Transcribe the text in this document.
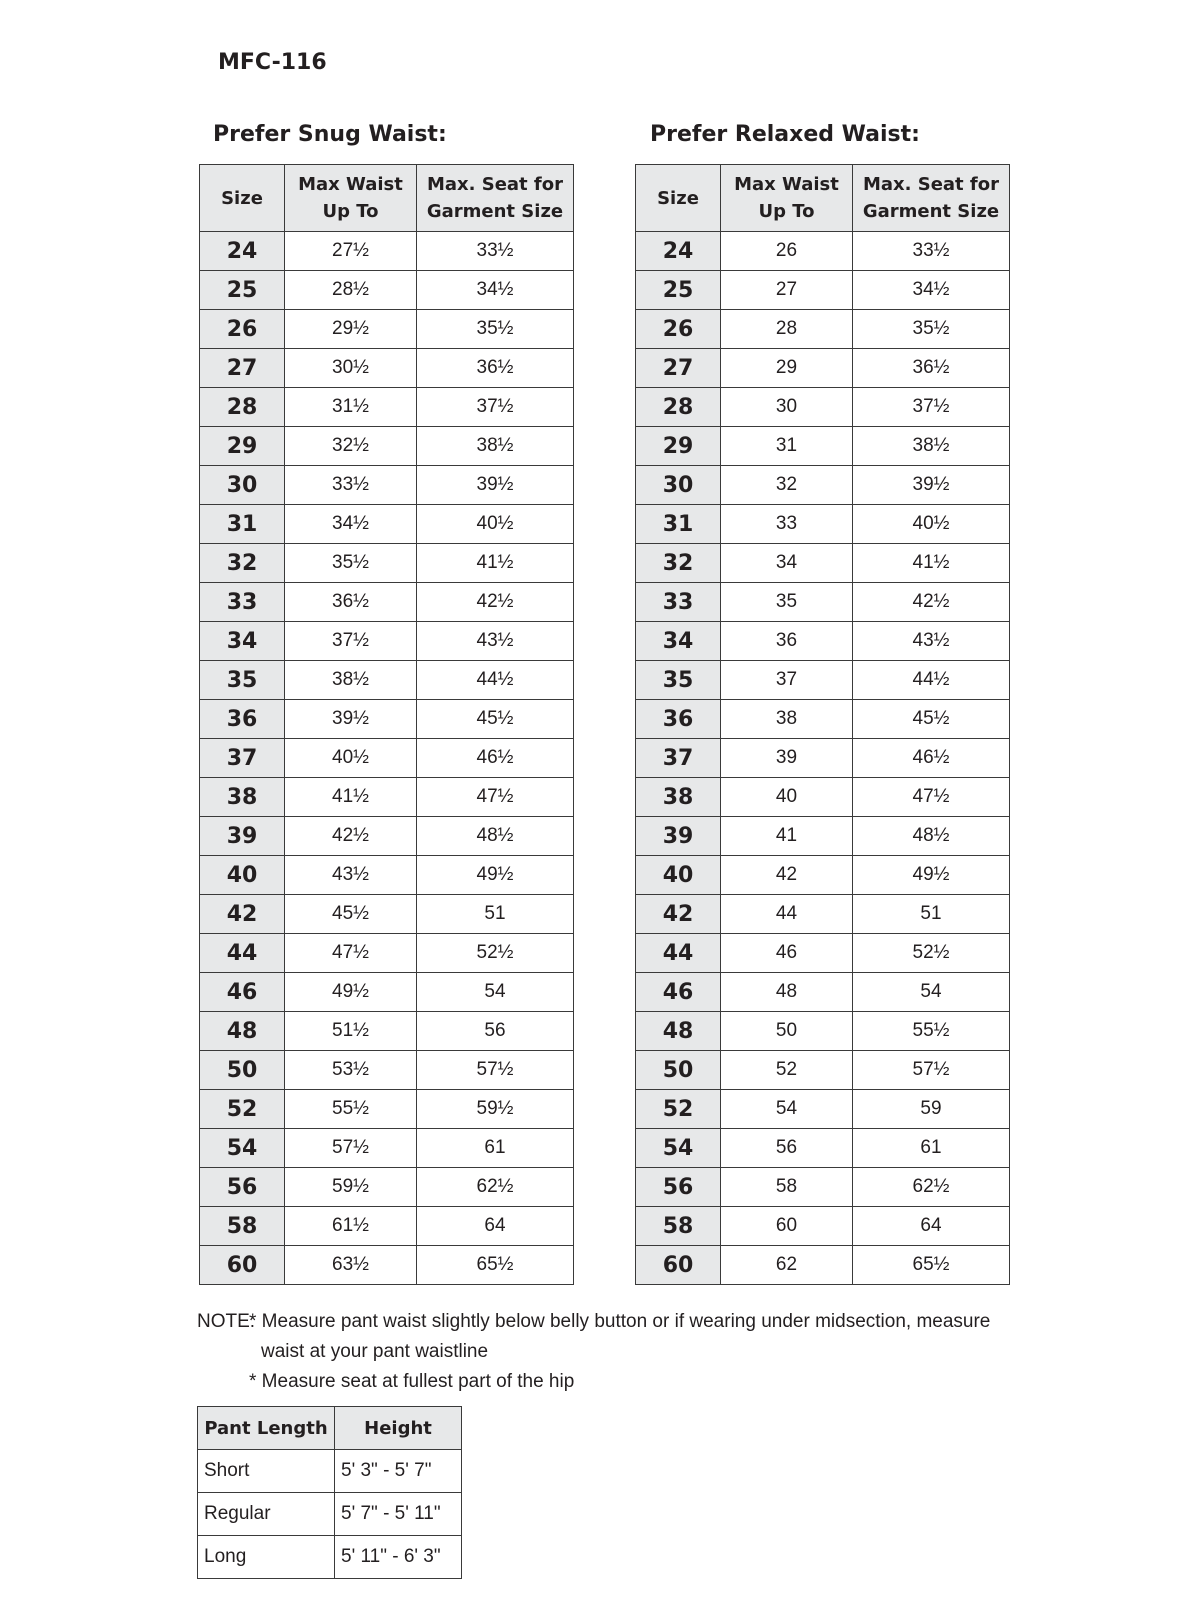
MFC-116
Prefer Snug Waist:	Prefer Relaxed Waist:
Size	Max Waist Up To	Max. Seat for Garment Size
24	27½	33½
25	28½	34½
26	29½	35½
27	30½	36½
28	31½	37½
29	32½	38½
30	33½	39½
31	34½	40½
32	35½	41½
33	36½	42½
34	37½	43½
35	38½	44½
36	39½	45½
37	40½	46½
38	41½	47½
39	42½	48½
40	43½	49½
42	45½	51
44	47½	52½
46	49½	54
48	51½	56
50	53½	57½
52	55½	59½
54	57½	61
56	59½	62½
58	61½	64
60	63½	65½
Size	Max Waist Up To	Max. Seat for Garment Size
24	26	33½
25	27	34½
26	28	35½
27	29	36½
28	30	37½
29	31	38½
30	32	39½
31	33	40½
32	34	41½
33	35	42½
34	36	43½
35	37	44½
36	38	45½
37	39	46½
38	40	47½
39	41	48½
40	42	49½
42	44	51
44	46	52½
46	48	54
48	50	55½
50	52	57½
52	54	59
54	56	61
56	58	62½
58	60	64
60	62	65½
NOTE:
* Measure pant waist slightly below belly button or if wearing under midsection, measure waist at your pant waistline
* Measure seat at fullest part of the hip
Pant Length	Height
Short	5' 3" - 5' 7"
Regular	5' 7" - 5' 11"
Long	5' 11" - 6' 3"
